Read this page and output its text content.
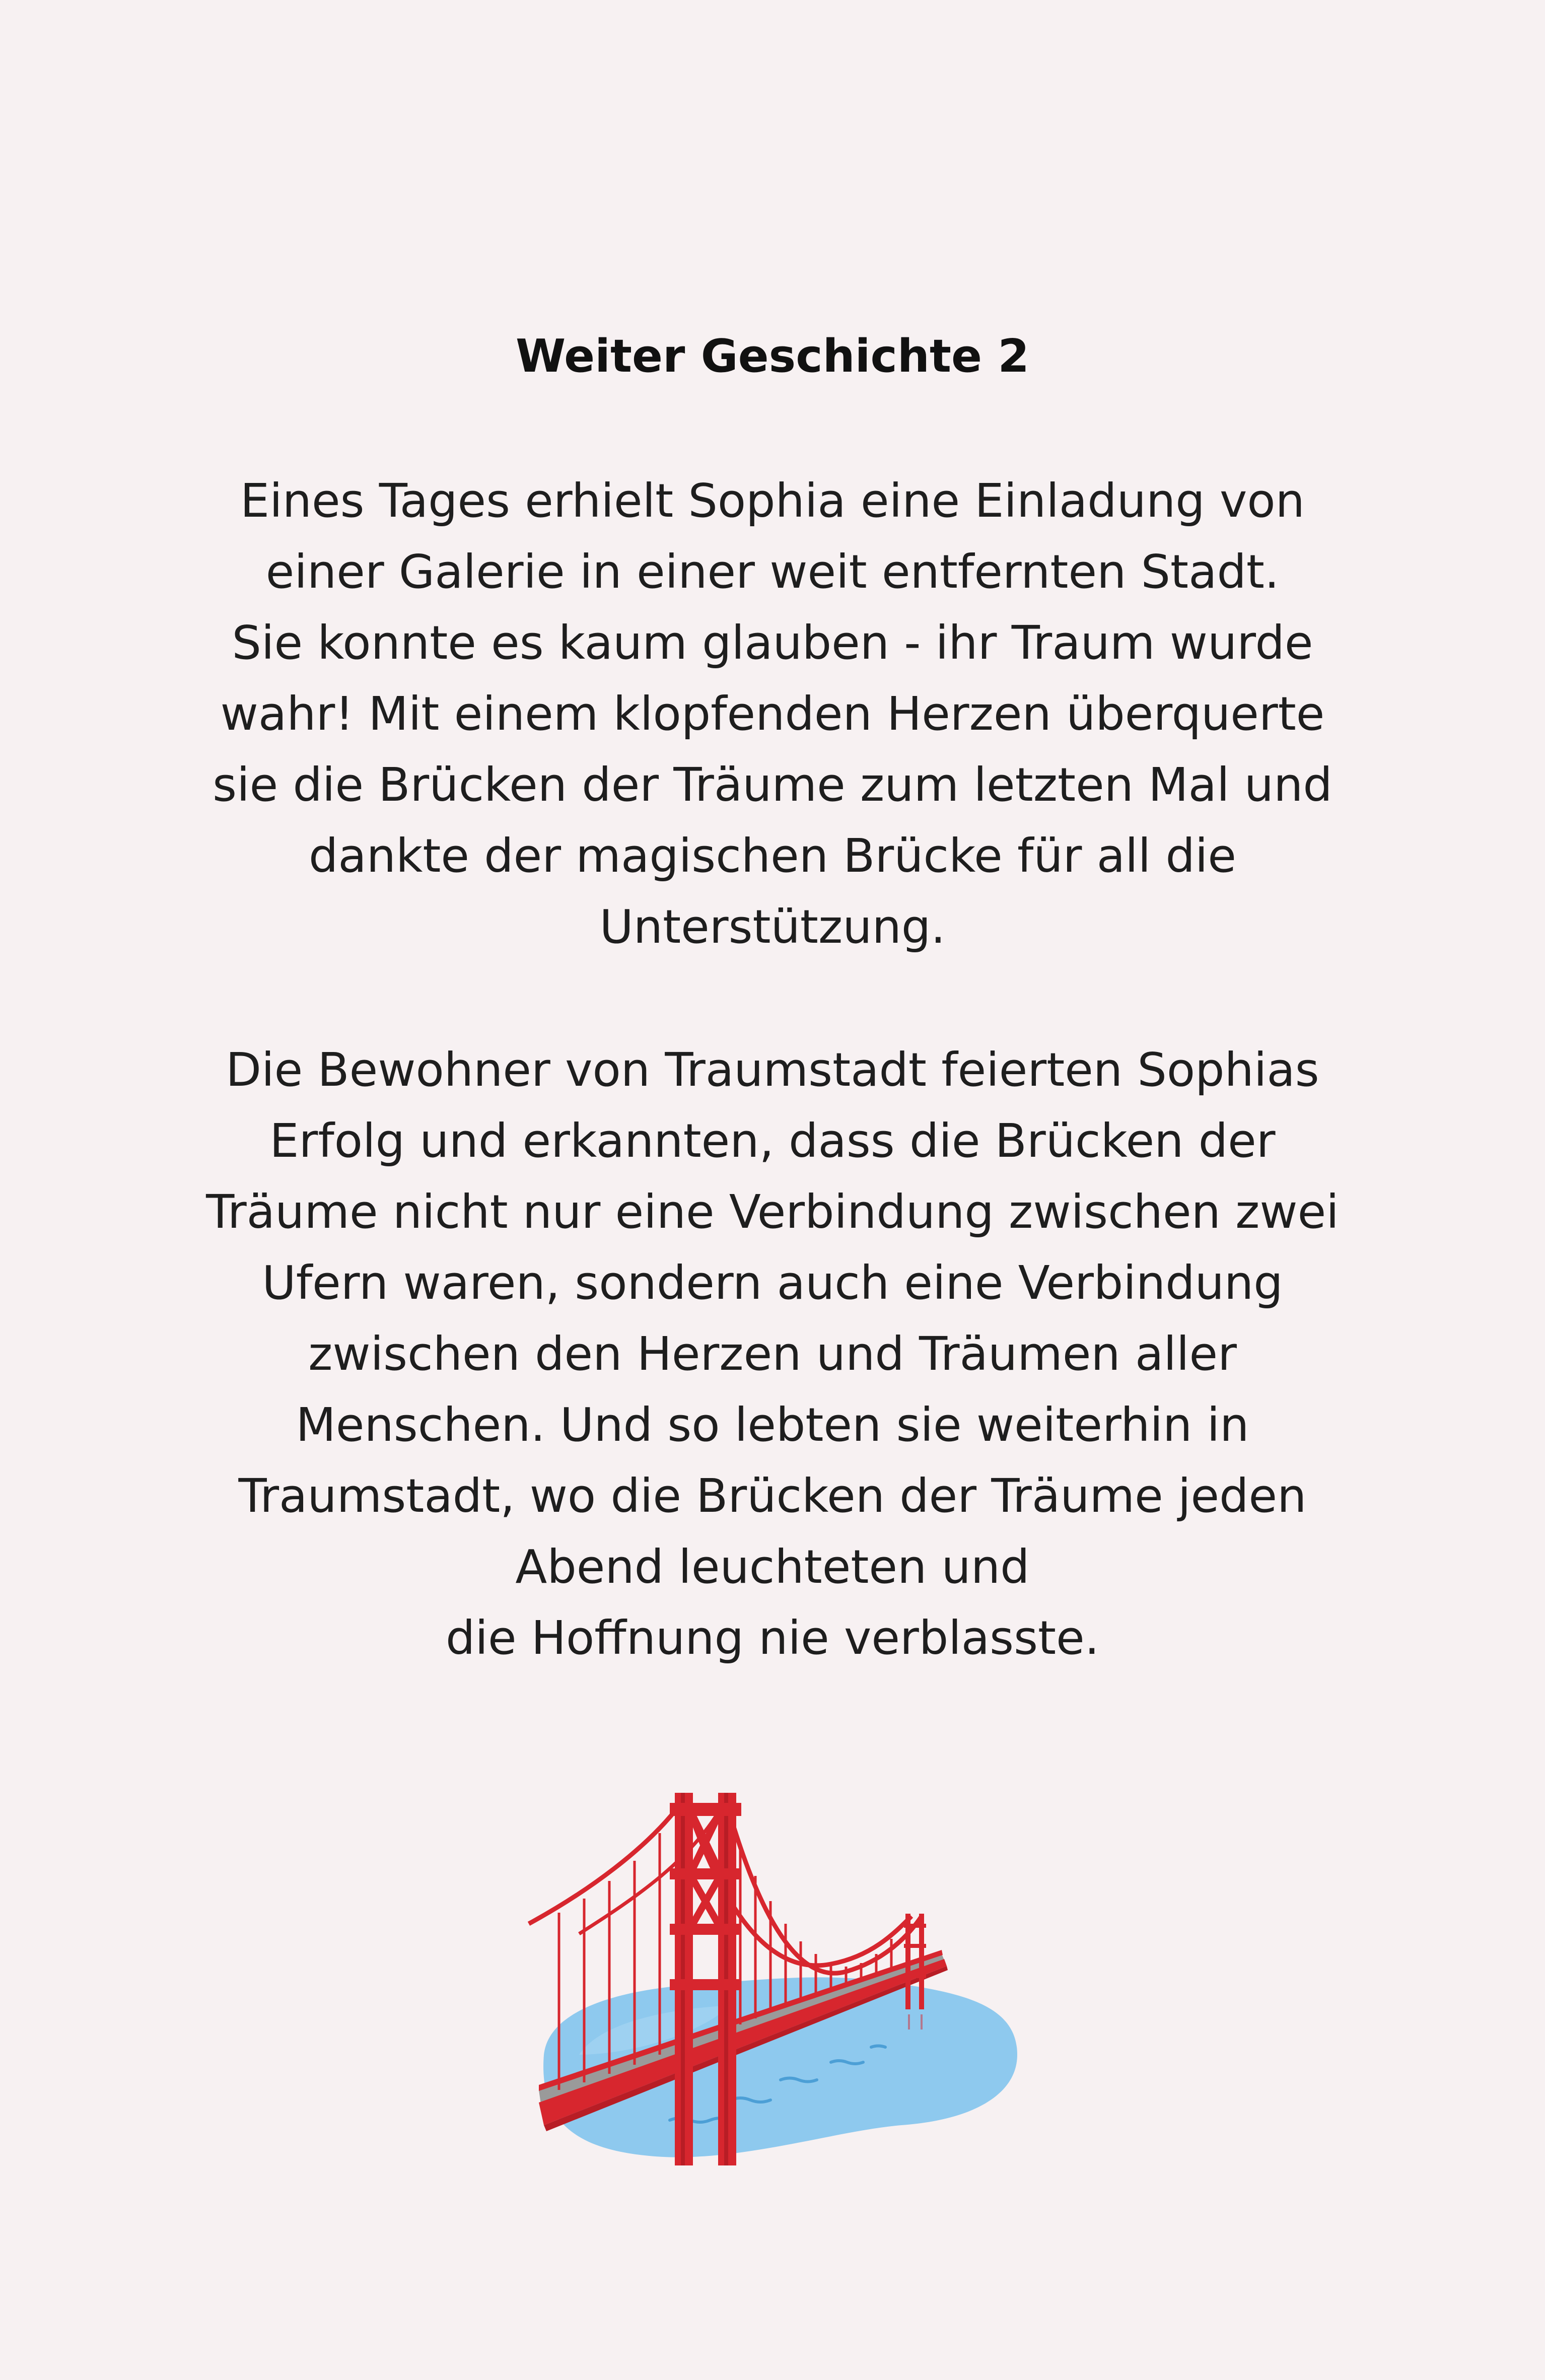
Weiter Geschichte 2
Eines Tages erhielt Sophia eine Einladung von
einer Galerie in einer weit entfernten Stadt.
Sie konnte es kaum glauben - ihr Traum wurde
wahr! Mit einem klopfenden Herzen überquerte
sie die Brücken der Träume zum letzten Mal und
dankte der magischen Brücke für all die
Unterstützung.
Die Bewohner von Traumstadt feierten Sophias
Erfolg und erkannten, dass die Brücken der
Träume nicht nur eine Verbindung zwischen zwei
Ufern waren, sondern auch eine Verbindung
zwischen den Herzen und Träumen aller
Menschen. Und so lebten sie weiterhin in
Traumstadt, wo die Brücken der Träume jeden
Abend leuchteten und
die Hoffnung nie verblasste.
